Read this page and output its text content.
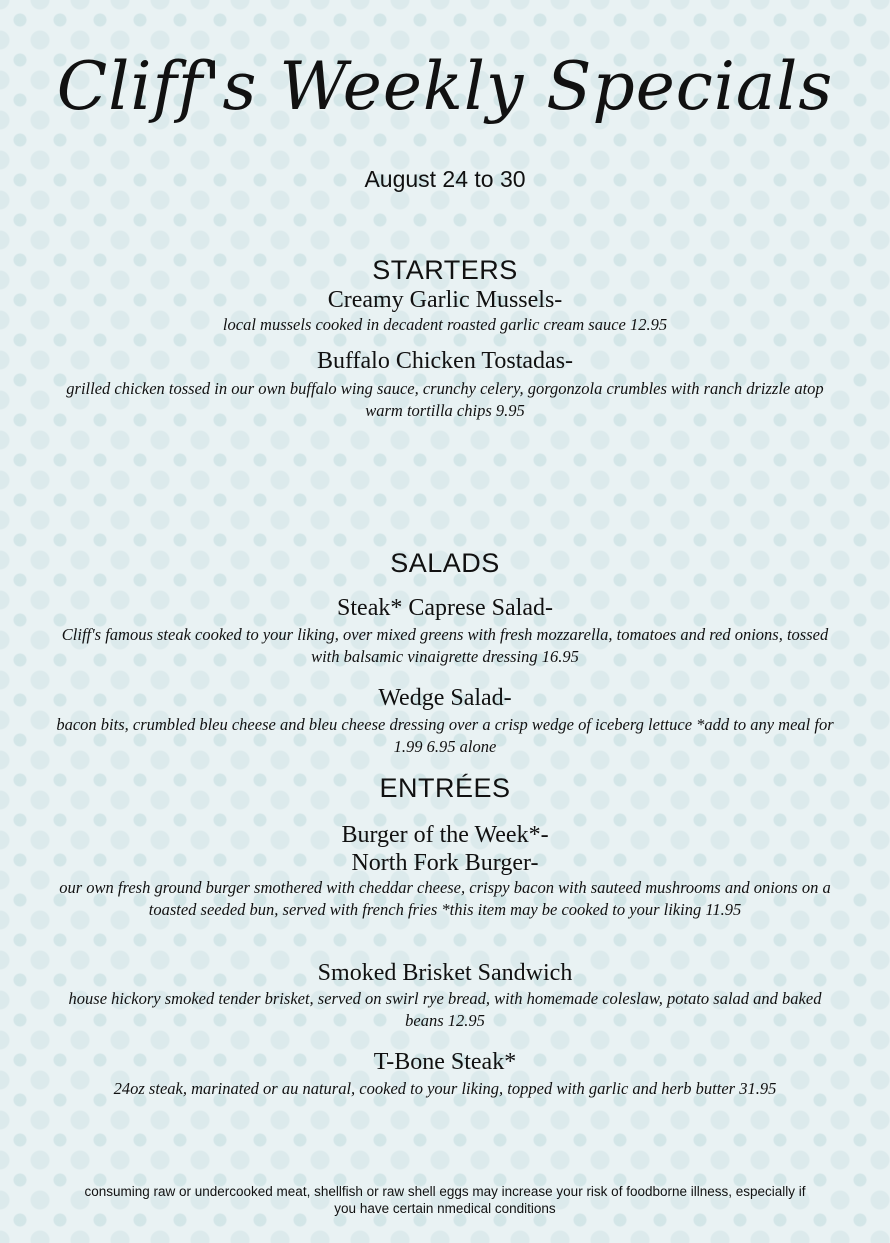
Cliff's Weekly Specials
August 24 to 30
STARTERS
Creamy Garlic Mussels-
local mussels cooked in decadent roasted garlic cream sauce 12.95
Buffalo Chicken Tostadas-
grilled chicken tossed in our own buffalo wing sauce, crunchy celery, gorgonzola crumbles with ranch drizzle atop warm tortilla chips 9.95
SALADS
Steak* Caprese Salad-
Cliff's famous steak cooked to your liking, over mixed greens with fresh mozzarella, tomatoes and red onions, tossed with balsamic vinaigrette dressing 16.95
Wedge Salad-
bacon bits, crumbled bleu cheese and bleu cheese dressing over a crisp wedge of iceberg lettuce *add to any meal for 1.99 6.95 alone
ENTRÉES
Burger of the Week*-
North Fork Burger-
our own fresh ground burger smothered with cheddar cheese, crispy bacon with sauteed mushrooms and onions on a toasted seeded bun, served with french fries *this item may be cooked to your liking 11.95
Smoked Brisket Sandwich
house hickory smoked tender brisket, served on swirl rye bread, with homemade coleslaw, potato salad and baked beans 12.95
T-Bone Steak*
24oz steak, marinated or au natural, cooked to your liking, topped with garlic and herb butter 31.95
consuming raw or undercooked meat, shellfish or raw shell eggs may increase your risk of foodborne illness, especially if you have certain nmedical conditions
